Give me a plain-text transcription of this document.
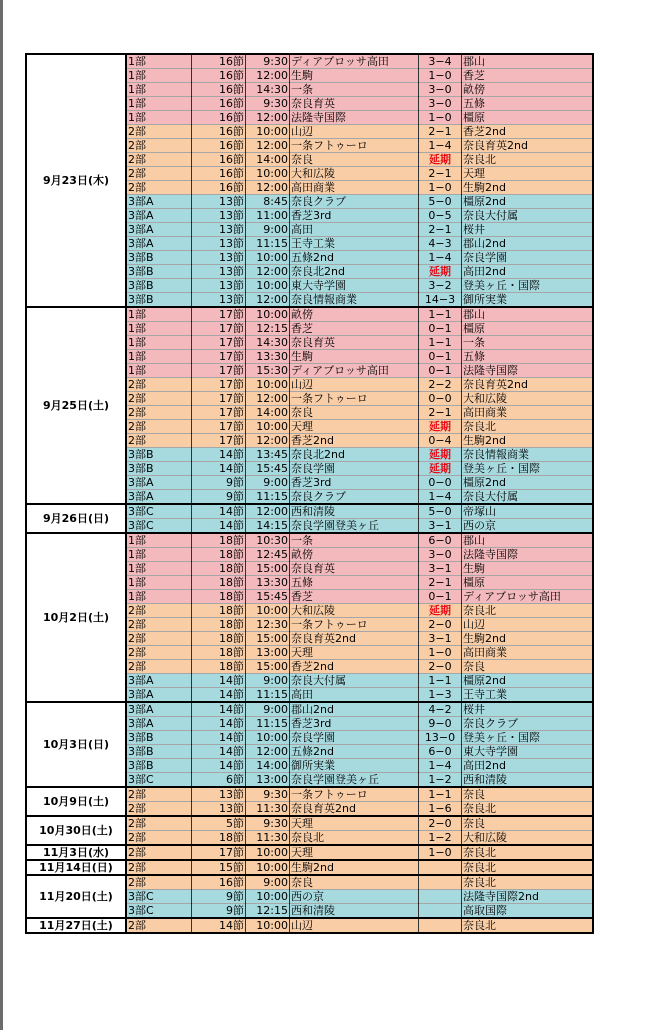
9月23日(木)	1部	16節	9:30	ディアブロッサ高田	3−4	郡山
	1部	16節	12:00	生駒	1−0	香芝
	1部	16節	14:30	一条	3−0	畝傍
	1部	16節	9:30	奈良育英	3−0	五條
	1部	16節	12:00	法隆寺国際	1−0	橿原
	2部	16節	10:00	山辺	2−1	香芝2nd
	2部	16節	12:00	一条フトゥーロ	1−4	奈良育英2nd
	2部	16節	14:00	奈良	延期	奈良北
	2部	16節	10:00	大和広陵	2−1	天理
	2部	16節	12:00	高田商業	1−0	生駒2nd
	3部A	13節	8:45	奈良クラブ	5−0	橿原2nd
	3部A	13節	11:00	香芝3rd	0−5	奈良大付属
	3部A	13節	9:00	高田	2−1	桜井
	3部A	13節	11:15	王寺工業	4−3	郡山2nd
	3部B	13節	10:00	五條2nd	1−4	奈良学園
	3部B	13節	12:00	奈良北2nd	延期	高田2nd
	3部B	13節	10:00	東大寺学園	3−2	登美ヶ丘・国際
	3部B	13節	12:00	奈良情報商業	14−3	御所実業
9月25日(土)	1部	17節	10:00	畝傍	1−1	郡山
	1部	17節	12:15	香芝	0−1	橿原
	1部	17節	14:30	奈良育英	1−1	一条
	1部	17節	13:30	生駒	0−1	五條
	1部	17節	15:30	ディアブロッサ高田	0−1	法隆寺国際
	2部	17節	10:00	山辺	2−2	奈良育英2nd
	2部	17節	12:00	一条フトゥーロ	0−0	大和広陵
	2部	17節	14:00	奈良	2−1	高田商業
	2部	17節	10:00	天理	延期	奈良北
	2部	17節	12:00	香芝2nd	0−4	生駒2nd
	3部B	14節	13:45	奈良北2nd	延期	奈良情報商業
	3部B	14節	15:45	奈良学園	延期	登美ヶ丘・国際
	3部A	9節	9:00	香芝3rd	0−0	橿原2nd
	3部A	9節	11:15	奈良クラブ	1−4	奈良大付属
9月26日(日)	3部C	14節	12:00	西和清陵	5−0	帝塚山
	3部C	14節	14:15	奈良学園登美ヶ丘	3−1	西の京
10月2日(土)	1部	18節	10:30	一条	6−0	郡山
	1部	18節	12:45	畝傍	3−0	法隆寺国際
	1部	18節	15:00	奈良育英	3−1	生駒
	1部	18節	13:30	五條	2−1	橿原
	1部	18節	15:45	香芝	0−1	ディアブロッサ高田
	2部	18節	10:00	大和広陵	延期	奈良北
	2部	18節	12:30	一条フトゥーロ	2−0	山辺
	2部	18節	15:00	奈良育英2nd	3−1	生駒2nd
	2部	18節	13:00	天理	1−0	高田商業
	2部	18節	15:00	香芝2nd	2−0	奈良
	3部A	14節	9:00	奈良大付属	1−1	橿原2nd
	3部A	14節	11:15	高田	1−3	王寺工業
10月3日(日)	3部A	14節	9:00	郡山2nd	4−2	桜井
	3部A	14節	11:15	香芝3rd	9−0	奈良クラブ
	3部B	14節	10:00	奈良学園	13−0	登美ヶ丘・国際
	3部B	14節	12:00	五條2nd	6−0	東大寺学園
	3部B	14節	14:00	御所実業	1−4	高田2nd
	3部C	6節	13:00	奈良学園登美ヶ丘	1−2	西和清陵
10月9日(土)	2部	13節	9:30	一条フトゥーロ	1−1	奈良
	2部	13節	11:30	奈良育英2nd	1−6	奈良北
10月30日(土)	2部	5節	9:30	天理	2−0	奈良
	2部	18節	11:30	奈良北	1−2	大和広陵
11月3日(水)	2部	17節	10:00	天理	1−0	奈良北
11月14日(日)	2部	15節	10:00	生駒2nd		奈良北
11月20日(土)	2部	16節	9:00	奈良		奈良北
	3部C	9節	10:00	西の京		法隆寺国際2nd
	3部C	9節	12:15	西和清陵		高取国際
11月27日(土)	2部	14節	10:00	山辺		奈良北
